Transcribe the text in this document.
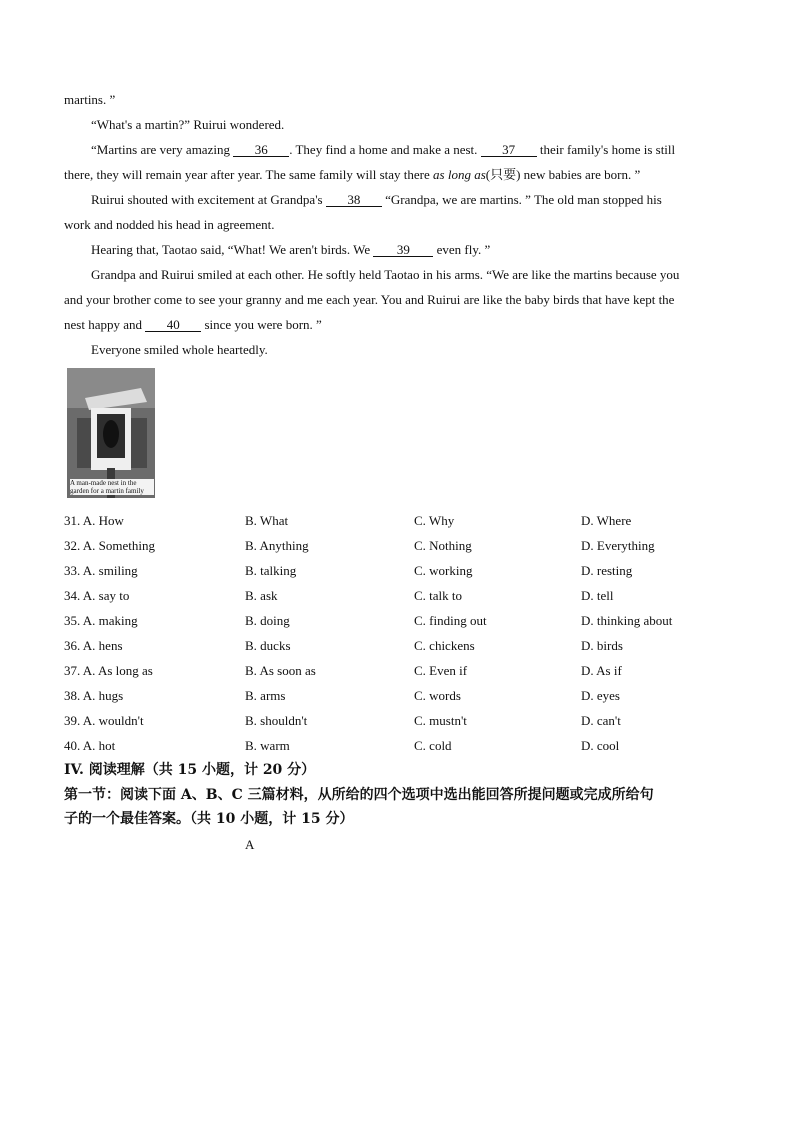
martins. ”
“What's a martin?” Ruirui wondered.
“Martins are very amazing 36 . They find a home and make a nest. 37 their family's home is still
there, they will remain year after year. The same family will stay there as long as(只要) new babies are born. ”
Ruirui shouted with excitement at Grandpa's 38 “Grandpa, we are martins. ” The old man stopped his
work and nodded his head in agreement.
Hearing that, Taotao said, “What! We aren't birds. We 39 even fly. ”
Grandpa and Ruirui smiled at each other. He softly held Taotao in his arms. “We are like the martins because you
and your brother come to see your granny and me each year. You and Ruirui are like the baby birds that have kept the
nest happy and 40 since you were born. ”
Everyone smiled whole heartedly.
A man-made nest in the garden for a martin family
31. A. How	B. What	C. Why	D. Where
32. A. Something	B. Anything	C. Nothing	D. Everything
33. A. smiling	B. talking	C. working	D. resting
34. A. say to	B. ask	C. talk to	D. tell
35. A. making	B. doing	C. finding out	D. thinking about
36. A. hens	B. ducks	C. chickens	D. birds
37. A. As long as	B. As soon as	C. Even if	D. As if
38. A. hugs	B. arms	C. words	D. eyes
39. A. wouldn't	B. shouldn't	C. mustn't	D. can't
40. A. hot	B. warm	C. cold	D. cool
IV. 阅读理解（共 15 小题，计 20 分）
第一节：阅读下面 A、B、C 三篇材料，从所给的四个选项中选出能回答所提问题或完成所给句
子的一个最佳答案。（共 10 小题，计 15 分）
A
